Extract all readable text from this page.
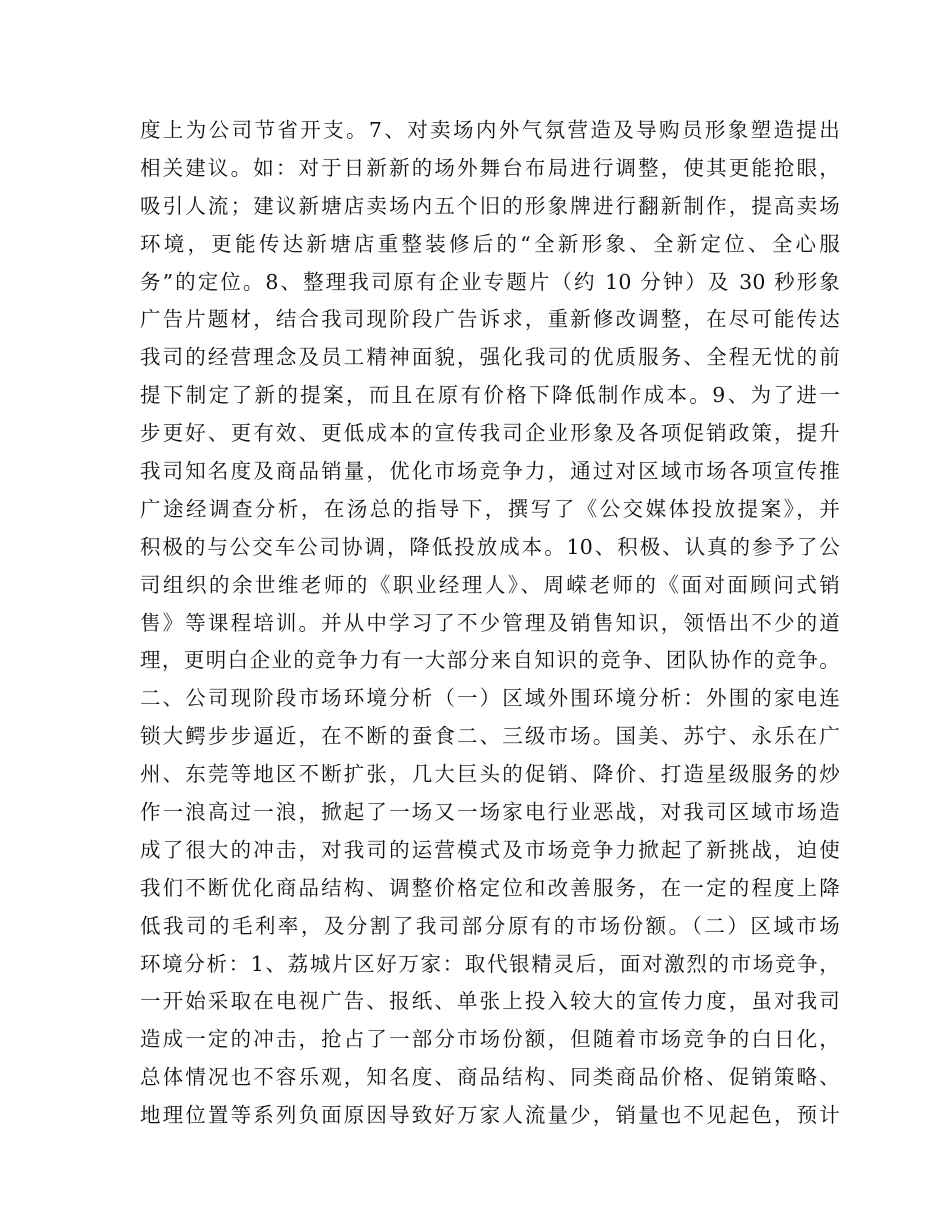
度上为公司节省开支。7、对卖场内外气氛营造及导购员形象塑造提出
相关建议。如：对于日新新的场外舞台布局进行调整，使其更能抢眼，
吸引人流；建议新塘店卖场内五个旧的形象牌进行翻新制作，提高卖场
环境，更能传达新塘店重整装修后的“全新形象、全新定位、全心服
务”的定位。8、整理我司原有企业专题片（约 10 分钟）及 30 秒形象
广告片题材，结合我司现阶段广告诉求，重新修改调整，在尽可能传达
我司的经营理念及员工精神面貌，强化我司的优质服务、全程无忧的前
提下制定了新的提案，而且在原有价格下降低制作成本。9、为了进一
步更好、更有效、更低成本的宣传我司企业形象及各项促销政策，提升
我司知名度及商品销量，优化市场竞争力，通过对区域市场各项宣传推
广途经调查分析，在汤总的指导下，撰写了《公交媒体投放提案》，并
积极的与公交车公司协调，降低投放成本。10、积极、认真的参予了公
司组织的余世维老师的《职业经理人》、周嵘老师的《面对面顾问式销
售》等课程培训。并从中学习了不少管理及销售知识，领悟出不少的道
理，更明白企业的竞争力有一大部分来自知识的竞争、团队协作的竞争。
二、公司现阶段市场环境分析（一）区域外围环境分析：外围的家电连
锁大鳄步步逼近，在不断的蚕食二、三级市场。国美、苏宁、永乐在广
州、东莞等地区不断扩张，几大巨头的促销、降价、打造星级服务的炒
作一浪高过一浪，掀起了一场又一场家电行业恶战，对我司区域市场造
成了很大的冲击，对我司的运营模式及市场竞争力掀起了新挑战，迫使
我们不断优化商品结构、调整价格定位和改善服务，在一定的程度上降
低我司的毛利率，及分割了我司部分原有的市场份额。（二）区域市场
环境分析：1、荔城片区好万家：取代银精灵后，面对激烈的市场竞争，
一开始采取在电视广告、报纸、单张上投入较大的宣传力度，虽对我司
造成一定的冲击，抢占了一部分市场份额，但随着市场竞争的白日化，
总体情况也不容乐观，知名度、商品结构、同类商品价格、促销策略、
地理位置等系列负面原因导致好万家人流量少，销量也不见起色，预计
